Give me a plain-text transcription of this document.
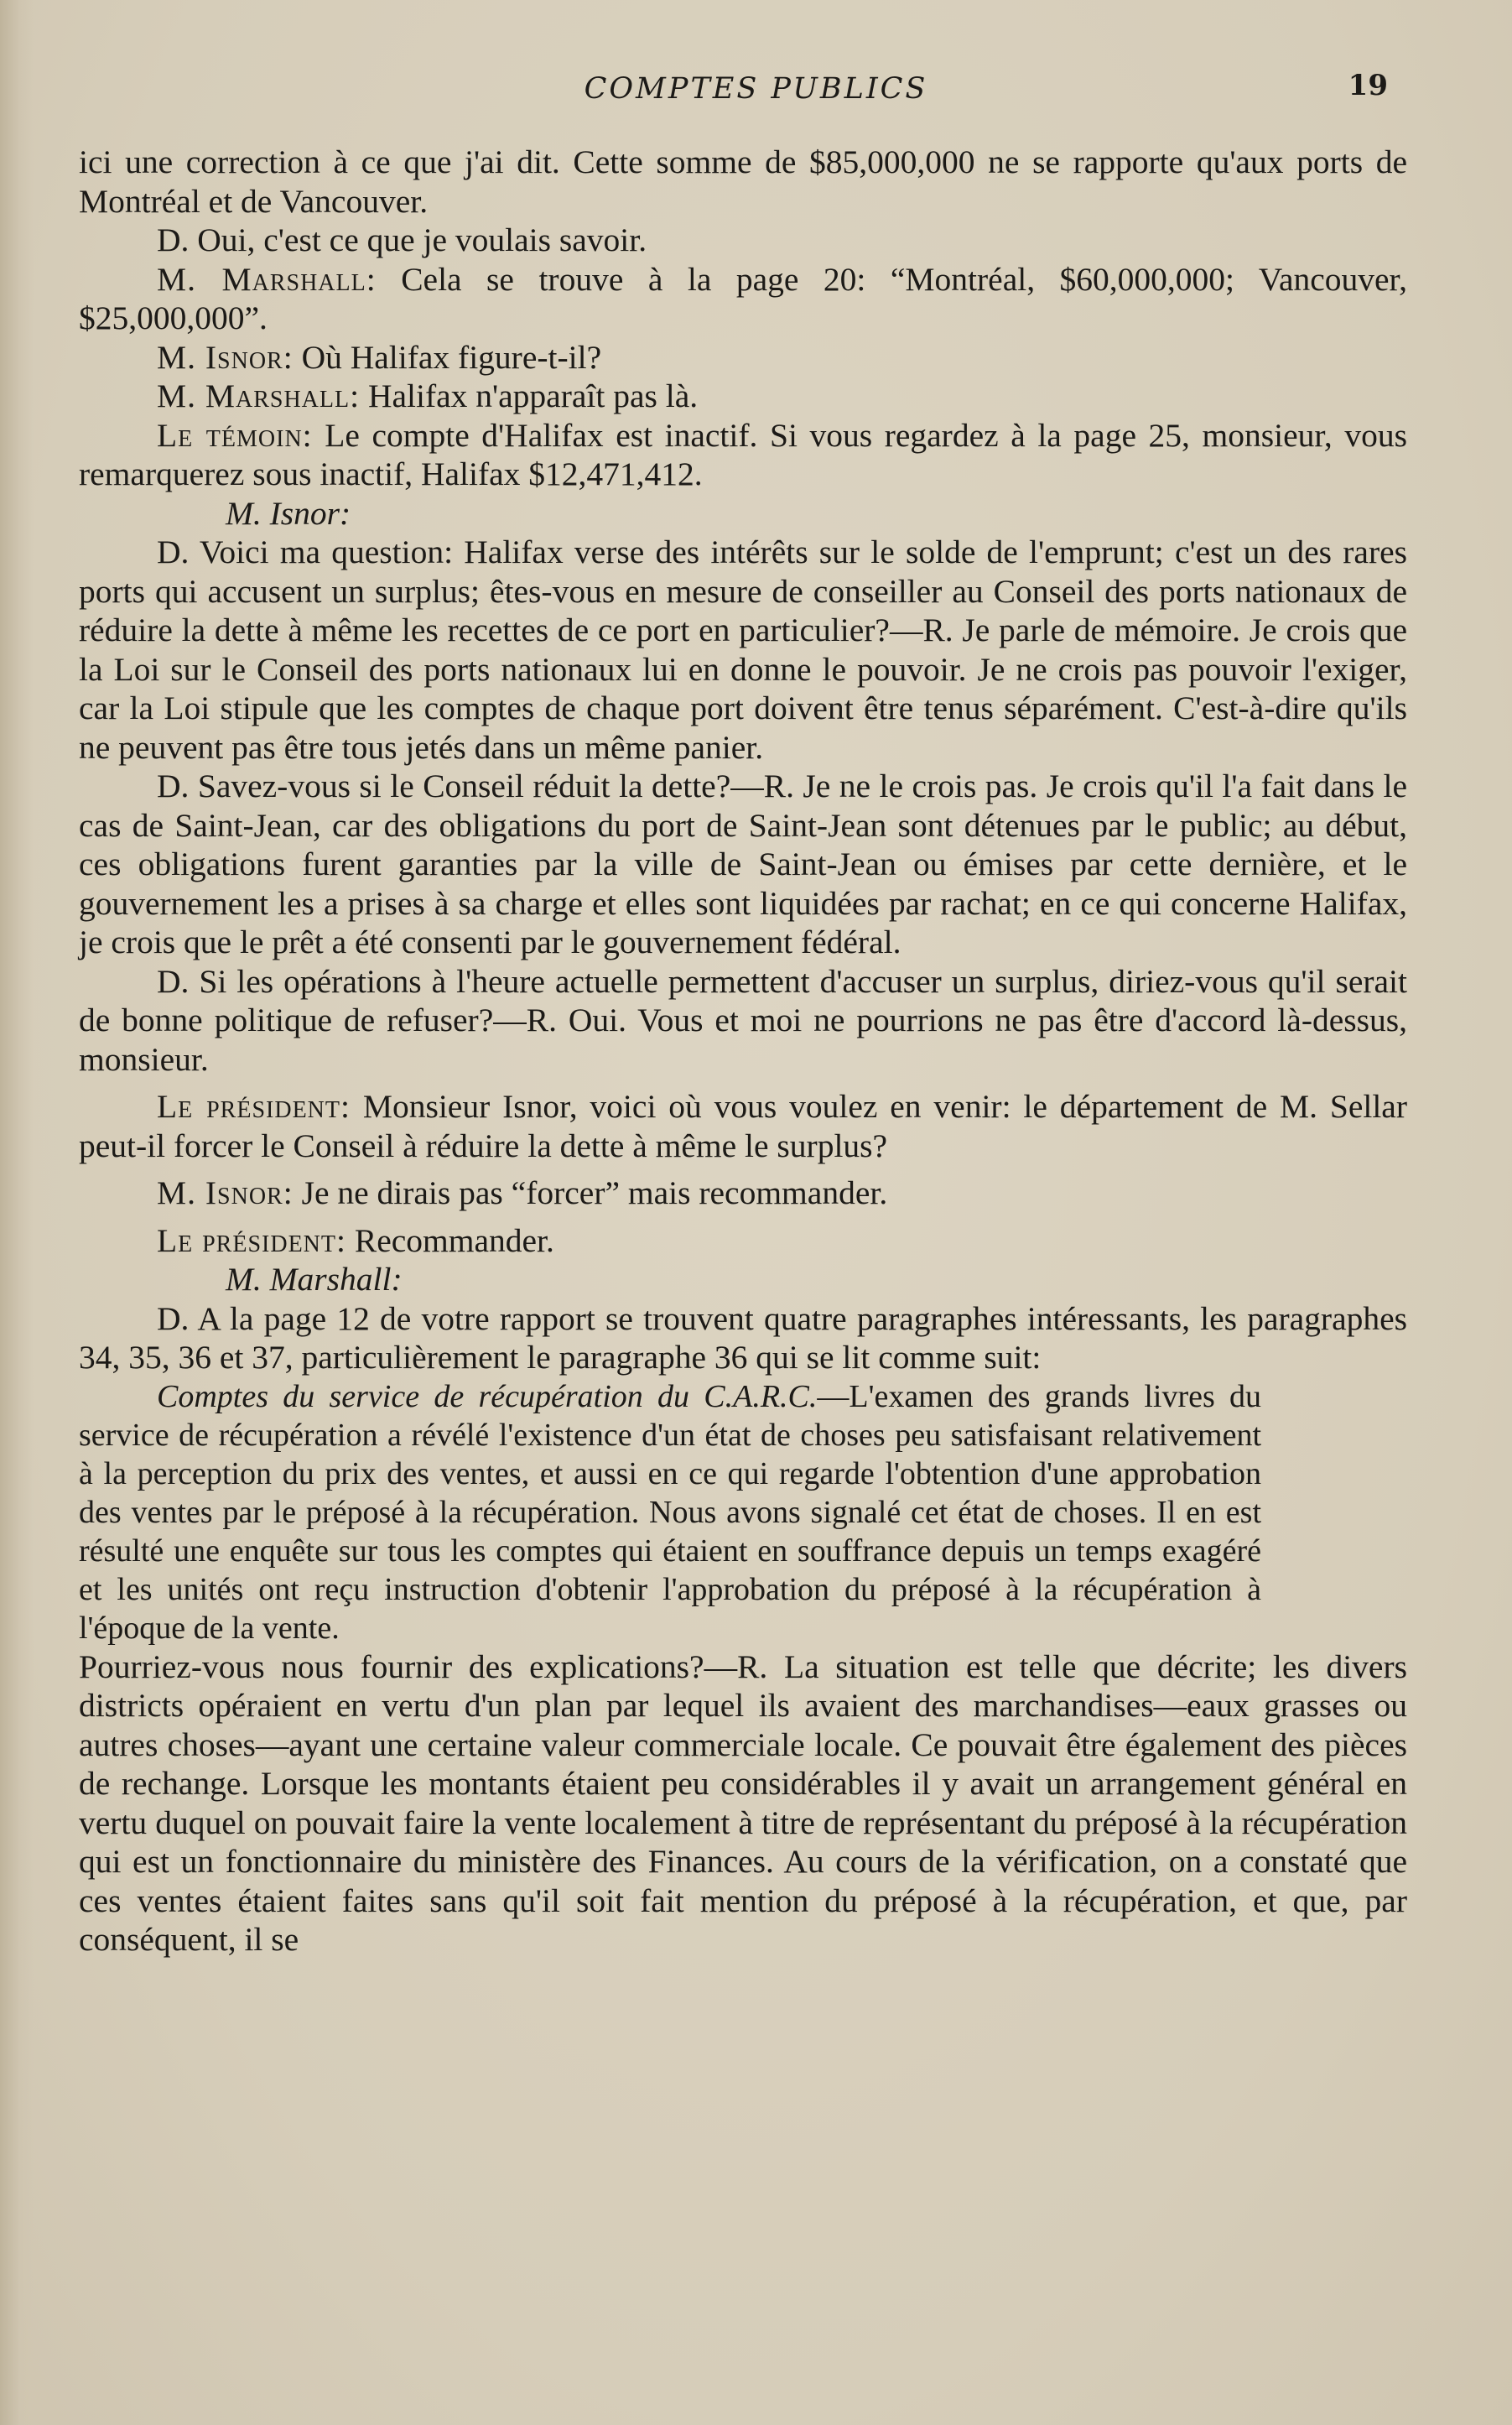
COMPTES PUBLICS	19

ici une correction à ce que j'ai dit. Cette somme de $85,000,000 ne se rapporte qu'aux ports de Montréal et de Vancouver.

D. Oui, c'est ce que je voulais savoir.

M. Marshall: Cela se trouve à la page 20: “Montréal, $60,000,000; Vancouver, $25,000,000”.

M. Isnor: Où Halifax figure-t-il?

M. Marshall: Halifax n'apparaît pas là.

Le témoin: Le compte d'Halifax est inactif. Si vous regardez à la page 25, monsieur, vous remarquerez sous inactif, Halifax $12,471,412.

M. Isnor:

D. Voici ma question: Halifax verse des intérêts sur le solde de l'emprunt; c'est un des rares ports qui accusent un surplus; êtes-vous en mesure de conseiller au Conseil des ports nationaux de réduire la dette à même les recettes de ce port en particulier?—R. Je parle de mémoire. Je crois que la Loi sur le Conseil des ports nationaux lui en donne le pouvoir. Je ne crois pas pouvoir l'exiger, car la Loi stipule que les comptes de chaque port doivent être tenus séparément. C'est-à-dire qu'ils ne peuvent pas être tous jetés dans un même panier.

D. Savez-vous si le Conseil réduit la dette?—R. Je ne le crois pas. Je crois qu'il l'a fait dans le cas de Saint-Jean, car des obligations du port de Saint-Jean sont détenues par le public; au début, ces obligations furent garanties par la ville de Saint-Jean ou émises par cette dernière, et le gouvernement les a prises à sa charge et elles sont liquidées par rachat; en ce qui concerne Halifax, je crois que le prêt a été consenti par le gouvernement fédéral.

D. Si les opérations à l'heure actuelle permettent d'accuser un surplus, diriez-vous qu'il serait de bonne politique de refuser?—R. Oui. Vous et moi ne pourrions ne pas être d'accord là-dessus, monsieur.

Le président: Monsieur Isnor, voici où vous voulez en venir: le département de M. Sellar peut-il forcer le Conseil à réduire la dette à même le surplus?

M. Isnor: Je ne dirais pas “forcer” mais recommander.

Le président: Recommander.

M. Marshall:

D. A la page 12 de votre rapport se trouvent quatre paragraphes intéressants, les paragraphes 34, 35, 36 et 37, particulièrement le paragraphe 36 qui se lit comme suit:

Comptes du service de récupération du C.A.R.C.—L'examen des grands livres du service de récupération a révélé l'existence d'un état de choses peu satisfaisant relativement à la perception du prix des ventes, et aussi en ce qui regarde l'obtention d'une approbation des ventes par le préposé à la récupération. Nous avons signalé cet état de choses. Il en est résulté une enquête sur tous les comptes qui étaient en souffrance depuis un temps exagéré et les unités ont reçu instruction d'obtenir l'approbation du préposé à la récupération à l'époque de la vente.

Pourriez-vous nous fournir des explications?—R. La situation est telle que décrite; les divers districts opéraient en vertu d'un plan par lequel ils avaient des marchandises—eaux grasses ou autres choses—ayant une certaine valeur commerciale locale. Ce pouvait être également des pièces de rechange. Lorsque les montants étaient peu considérables il y avait un arrangement général en vertu duquel on pouvait faire la vente localement à titre de représentant du préposé à la récupération qui est un fonctionnaire du ministère des Finances. Au cours de la vérification, on a constaté que ces ventes étaient faites sans qu'il soit fait mention du préposé à la récupération, et que, par conséquent, il se
